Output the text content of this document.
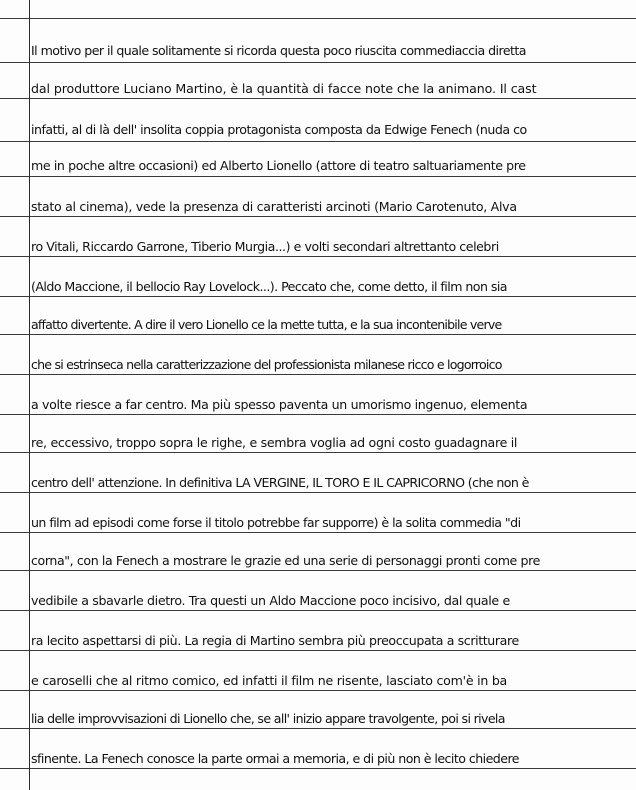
Il motivo per il quale solitamente si ricorda questa poco riuscita commediaccia diretta
dal produttore Luciano Martino, è la quantità di facce note che la animano. Il cast
infatti, al di là dell' insolita coppia protagonista composta da Edwige Fenech (nuda co
me in poche altre occasioni) ed Alberto Lionello (attore di teatro saltuariamente pre
stato al cinema), vede la presenza di caratteristi arcinoti (Mario Carotenuto, Alva
ro Vitali, Riccardo Garrone, Tiberio Murgia...) e volti secondari altrettanto celebri
(Aldo Maccione, il bellocio Ray Lovelock...). Peccato che, come detto, il film non sia
affatto divertente. A dire il vero Lionello ce la mette tutta, e la sua incontenibile verve
che si estrinseca nella caratterizzazione del professionista milanese ricco e logorroico
a volte riesce a far centro. Ma più spesso paventa un umorismo ingenuo, elementa
re, eccessivo, troppo sopra le righe, e sembra voglia ad ogni costo guadagnare il
centro dell' attenzione. In definitiva LA VERGINE, IL TORO E IL CAPRICORNO (che non è
un film ad episodi come forse il titolo potrebbe far supporre) è la solita commedia "di
corna", con la Fenech a mostrare le grazie ed una serie di personaggi pronti come pre
vedibile a sbavarle dietro. Tra questi un Aldo Maccione poco incisivo, dal quale e
ra lecito aspettarsi di più. La regia di Martino sembra più preoccupata a scritturare
e caroselli che al ritmo comico, ed infatti il film ne risente, lasciato com'è in ba
lia delle improvvisazioni di Lionello che, se all' inizio appare travolgente, poi si rivela
sfinente. La Fenech conosce la parte ormai a memoria, e di più non è lecito chiedere
